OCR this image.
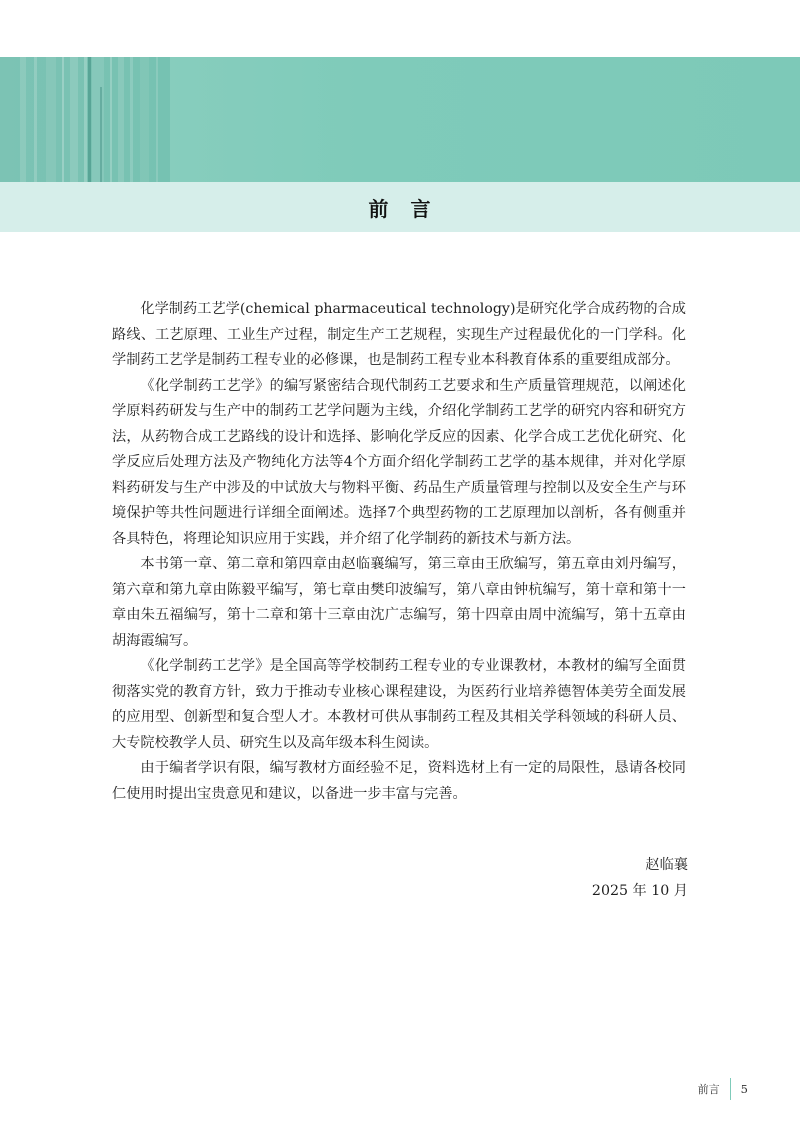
前　言

化学制药工艺学(chemical pharmaceutical technology)是研究化学合成药物的合成路线、工艺原理、工业生产过程，制定生产工艺规程，实现生产过程最优化的一门学科。化学制药工艺学是制药工程专业的必修课，也是制药工程专业本科教育体系的重要组成部分。

《化学制药工艺学》的编写紧密结合现代制药工艺要求和生产质量管理规范，以阐述化学原料药研发与生产中的制药工艺学问题为主线，介绍化学制药工艺学的研究内容和研究方法，从药物合成工艺路线的设计和选择、影响化学反应的因素、化学合成工艺优化研究、化学反应后处理方法及产物纯化方法等4个方面介绍化学制药工艺学的基本规律，并对化学原料药研发与生产中涉及的中试放大与物料平衡、药品生产质量管理与控制以及安全生产与环境保护等共性问题进行详细全面阐述。选择7个典型药物的工艺原理加以剖析，各有侧重并各具特色，将理论知识应用于实践，并介绍了化学制药的新技术与新方法。

本书第一章、第二章和第四章由赵临襄编写，第三章由王欣编写，第五章由刘丹编写，第六章和第九章由陈毅平编写，第七章由樊印波编写，第八章由钟杭编写，第十章和第十一章由朱五福编写，第十二章和第十三章由沈广志编写，第十四章由周中流编写，第十五章由胡海霞编写。

《化学制药工艺学》是全国高等学校制药工程专业的专业课教材，本教材的编写全面贯彻落实党的教育方针，致力于推动专业核心课程建设，为医药行业培养德智体美劳全面发展的应用型、创新型和复合型人才。本教材可供从事制药工程及其相关学科领域的科研人员、大专院校教学人员、研究生以及高年级本科生阅读。

由于编者学识有限，编写教材方面经验不足，资料选材上有一定的局限性，恳请各校同仁使用时提出宝贵意见和建议，以备进一步丰富与完善。

赵临襄
2025 年 10 月
前言 5
